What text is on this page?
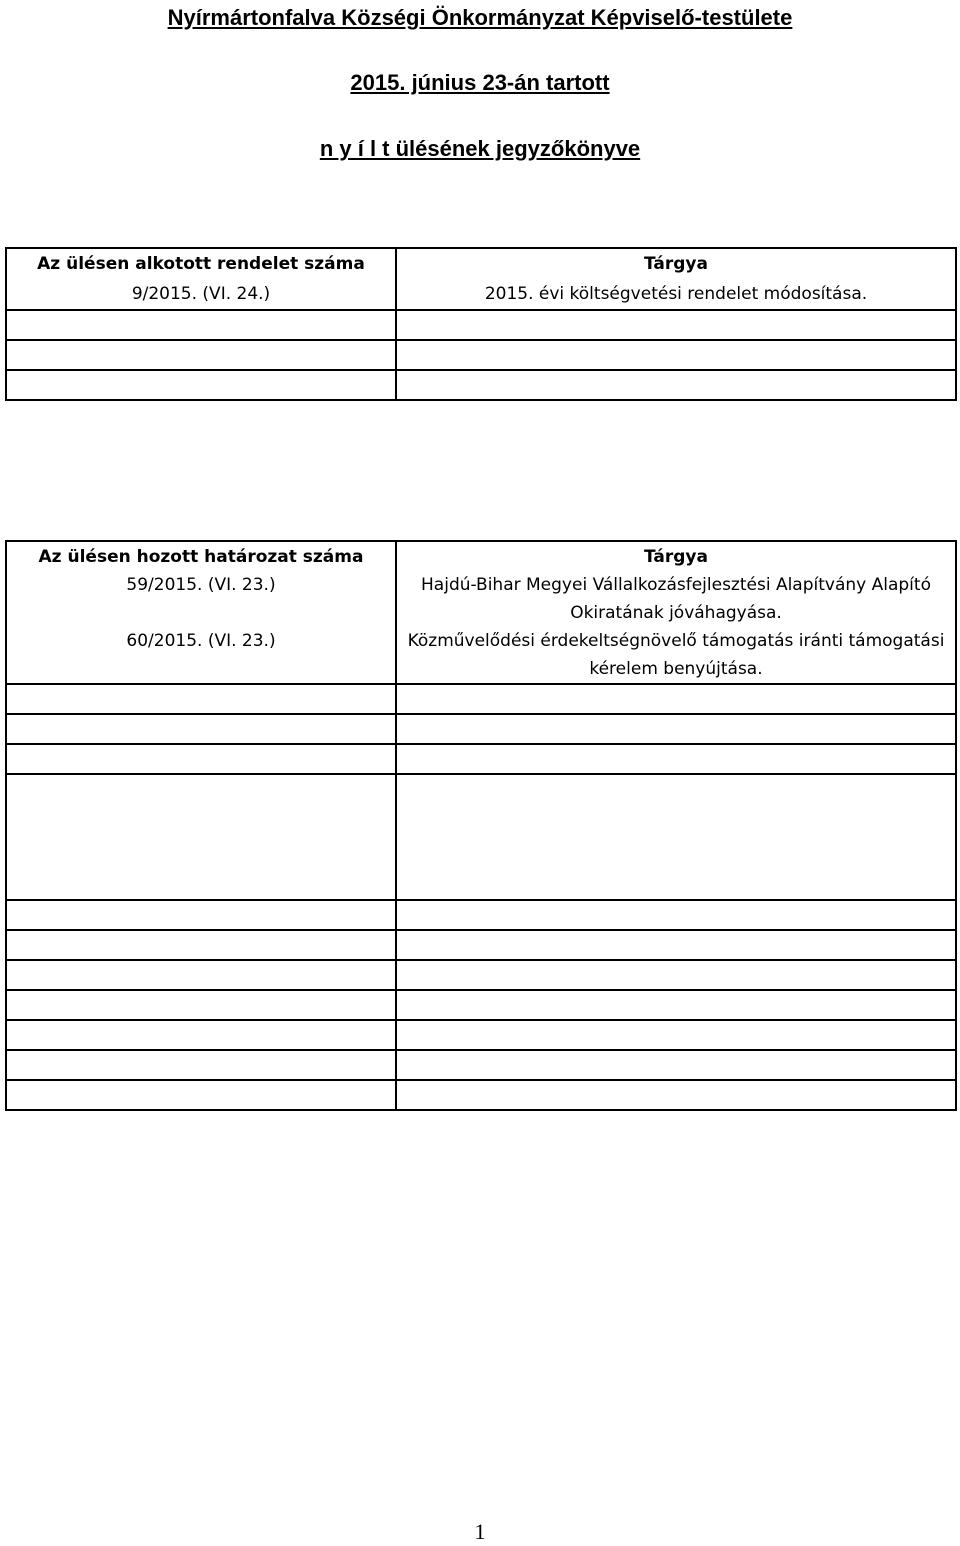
Nyírmártonfalva Községi Önkormányzat Képviselő-testülete
2015. június 23-án tartott
n y í l t ülésének jegyzőkönyve
Az ülésen alkotott rendelet száma	Tárgya
9/2015. (VI. 24.)	2015. évi költségvetési rendelet módosítása.

Az ülésen hozott határozat száma	Tárgya
59/2015. (VI. 23.)	Hajdú-Bihar Megyei Vállalkozásfejlesztési Alapítvány Alapító Okiratának jóváhagyása.
60/2015. (VI. 23.)	Közművelődési érdekeltségnövelő támogatás iránti támogatási kérelem benyújtása.

1
